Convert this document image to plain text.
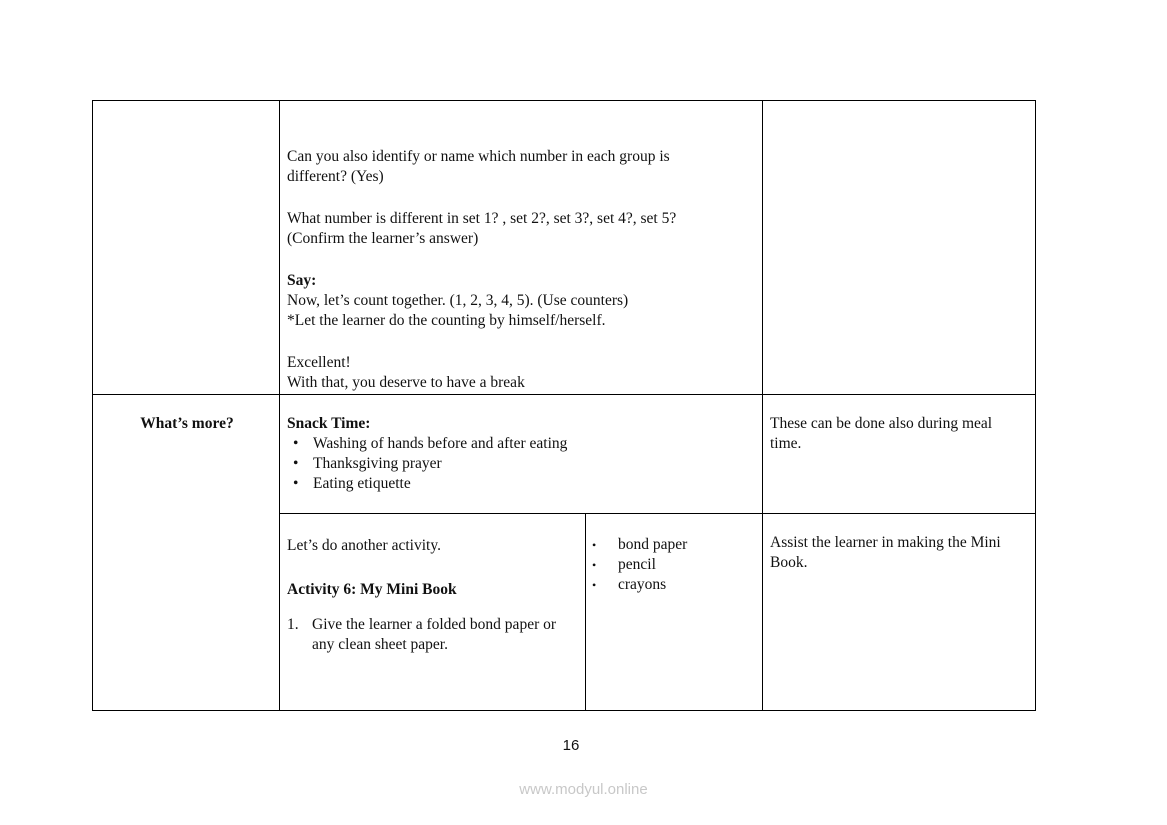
Can you also identify or name which number in each group is

different? (Yes)

What number is different in set 1? , set 2?, set 3?, set 4?, set 5?

(Confirm the learner’s answer)

Say:

Now, let’s count together. (1, 2, 3, 4, 5). (Use counters)

*Let the learner do the counting by himself/herself.

Excellent!

With that, you deserve to have a break

What’s more?	Snack Time:

• Washing of hands before and after eating
• Thanksgiving prayer
• Eating etiquette

These can be done also during meal

time.

Let’s do another activity.

Activity 6: My Mini Book

1. Give the learner a folded bond paper or

any clean sheet paper.

• bond paper
• pencil
• crayons

Assist the learner in making the Mini

Book.

16
www.modyul.online
